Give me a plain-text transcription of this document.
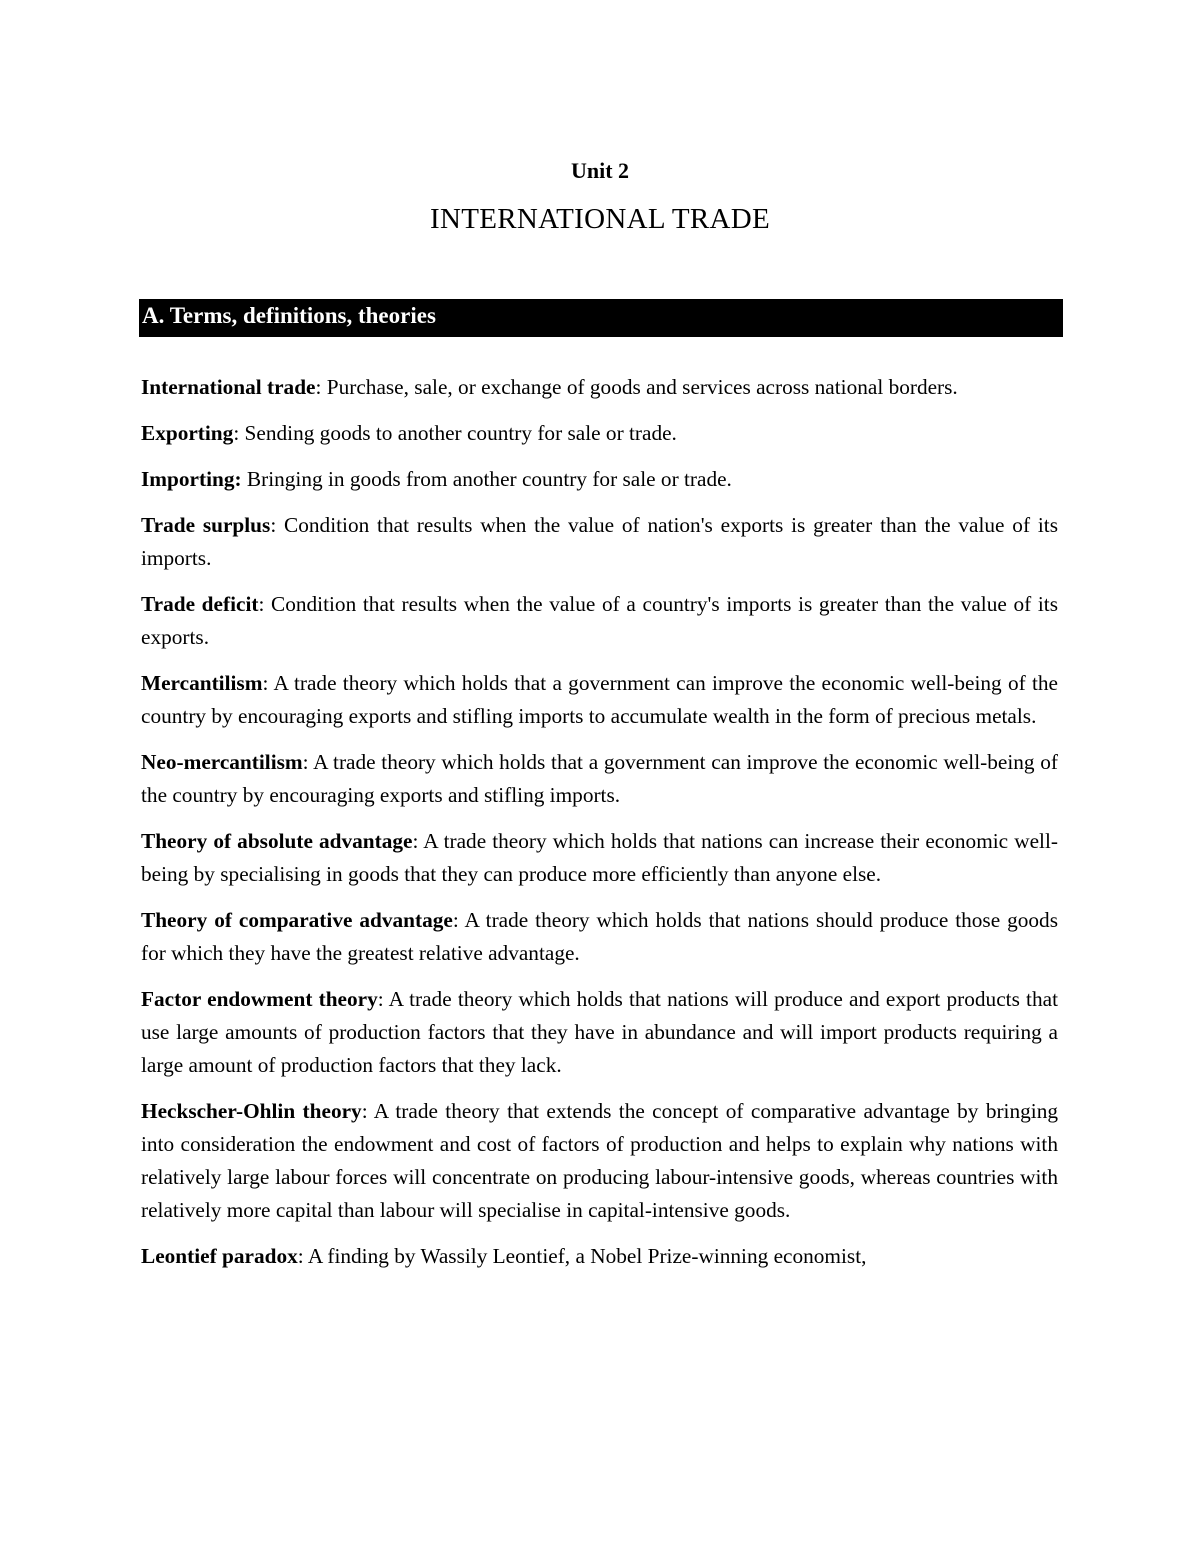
Unit 2
INTERNATIONAL TRADE
A. Terms, definitions, theories

International trade: Purchase, sale, or exchange of goods and services across national borders.

Exporting: Sending goods to another country for sale or trade.

Importing: Bringing in goods from another country for sale or trade.

Trade surplus: Condition that results when the value of nation's exports is greater than the value of its imports.

Trade deficit: Condition that results when the value of a country's imports is greater than the value of its exports.

Mercantilism: A trade theory which holds that a government can improve the economic well-being of the country by encouraging exports and stifling imports to accumulate wealth in the form of precious metals.

Neo-mercantilism: A trade theory which holds that a government can improve the economic well-being of the country by encouraging exports and stifling imports.

Theory of absolute advantage: A trade theory which holds that nations can increase their economic well-being by specialising in goods that they can produce more efficiently than anyone else.

Theory of comparative advantage: A trade theory which holds that nations should produce those goods for which they have the greatest relative advantage.

Factor endowment theory: A trade theory which holds that nations will produce and export products that use large amounts of production factors that they have in abundance and will import products requiring a large amount of production factors that they lack.

Heckscher-Ohlin theory: A trade theory that extends the concept of comparative advantage by bringing into consideration the endowment and cost of factors of production and helps to explain why nations with relatively large labour forces will concentrate on producing labour-intensive goods, whereas countries with relatively more capital than labour will specialise in capital-intensive goods.

Leontief paradox: A finding by Wassily Leontief, a Nobel Prize-winning economist,
